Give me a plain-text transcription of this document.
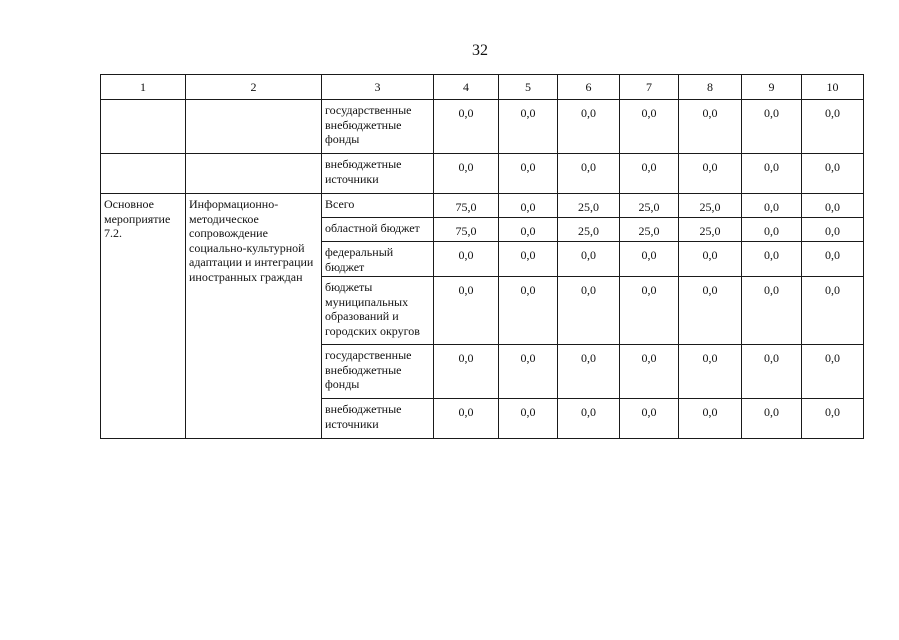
32
1	2	3	4	5	6	7	8	9	10
		государственные внебюджетные фонды	0,0	0,0	0,0	0,0	0,0	0,0	0,0
		внебюджетные источники	0,0	0,0	0,0	0,0	0,0	0,0	0,0
Основное мероприятие 7.2.	Информационно-методическое сопровождение социально-культурной адаптации и интеграции иностранных граждан	Всего	75,0	0,0	25,0	25,0	25,0	0,0	0,0
		областной бюджет	75,0	0,0	25,0	25,0	25,0	0,0	0,0
		федеральный бюджет	0,0	0,0	0,0	0,0	0,0	0,0	0,0
		бюджеты муниципальных образований и городских округов	0,0	0,0	0,0	0,0	0,0	0,0	0,0
		государственные внебюджетные фонды	0,0	0,0	0,0	0,0	0,0	0,0	0,0
		внебюджетные источники	0,0	0,0	0,0	0,0	0,0	0,0	0,0
